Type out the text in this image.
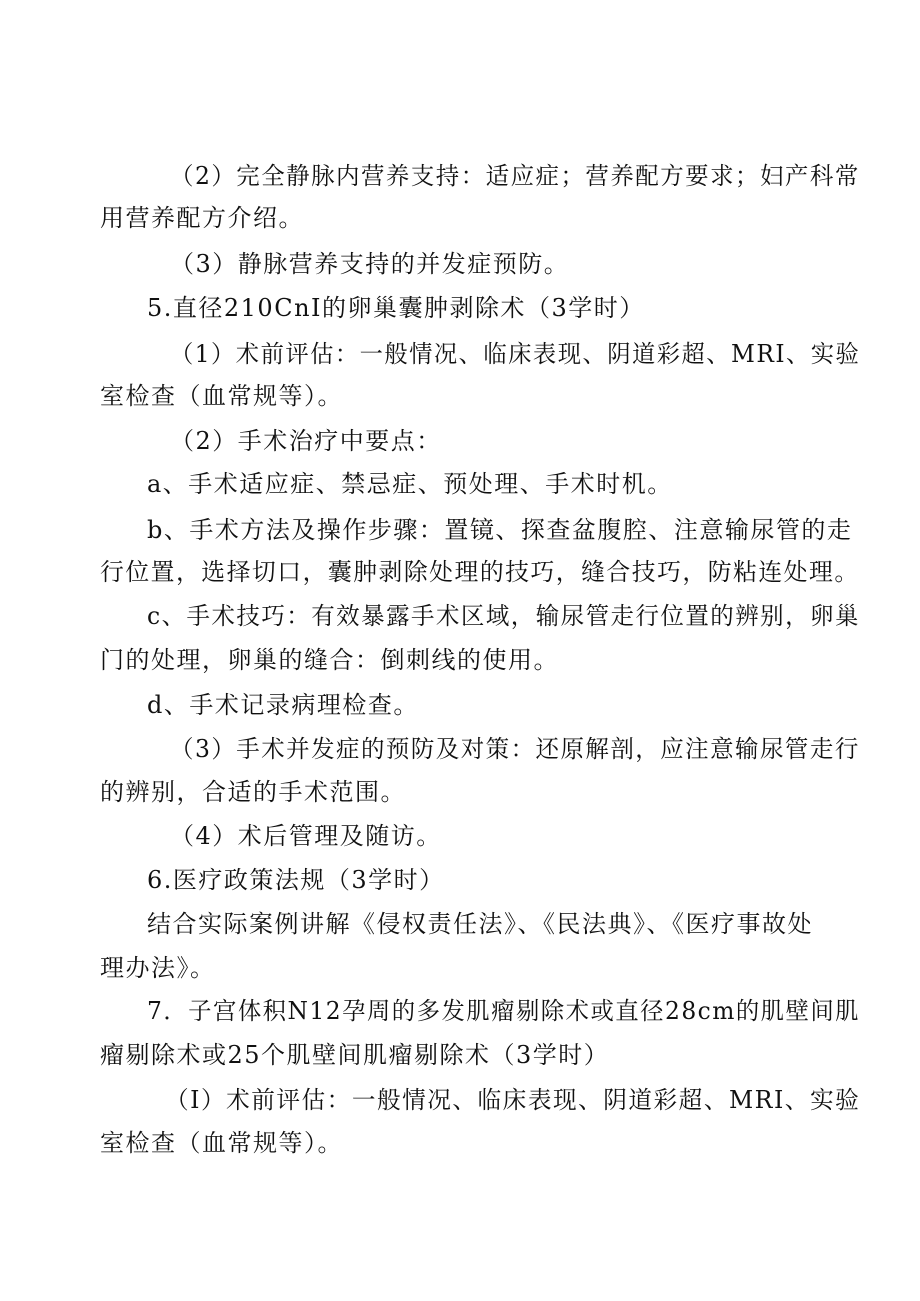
（2）完全静脉内营养支持：适应症；营养配方要求；妇产科常
用营养配方介绍。
（3）静脉营养支持的并发症预防。
5.直径210CnI的卵巢囊肿剥除术（3学时）
（1）术前评估：一般情况、临床表现、阴道彩超、MRI、实验
室检查（血常规等）。
（2）手术治疗中要点：
a、手术适应症、禁忌症、预处理、手术时机。
b、手术方法及操作步骤：置镜、探查盆腹腔、注意输尿管的走
行位置，选择切口，囊肿剥除处理的技巧，缝合技巧，防粘连处理。
c、手术技巧：有效暴露手术区域，输尿管走行位置的辨别，卵巢
门的处理，卵巢的缝合：倒刺线的使用。
d、手术记录病理检查。
（3）手术并发症的预防及对策：还原解剖，应注意输尿管走行
的辨别，合适的手术范围。
（4）术后管理及随访。
6.医疗政策法规（3学时）
结合实际案例讲解《侵权责任法》、《民法典》、《医疗事故处
理办法》。
7．子宫体积N12孕周的多发肌瘤剔除术或直径28cm的肌壁间肌
瘤剔除术或25个肌壁间肌瘤剔除术（3学时）
（I）术前评估：一般情况、临床表现、阴道彩超、MRI、实验
室检查（血常规等）。
